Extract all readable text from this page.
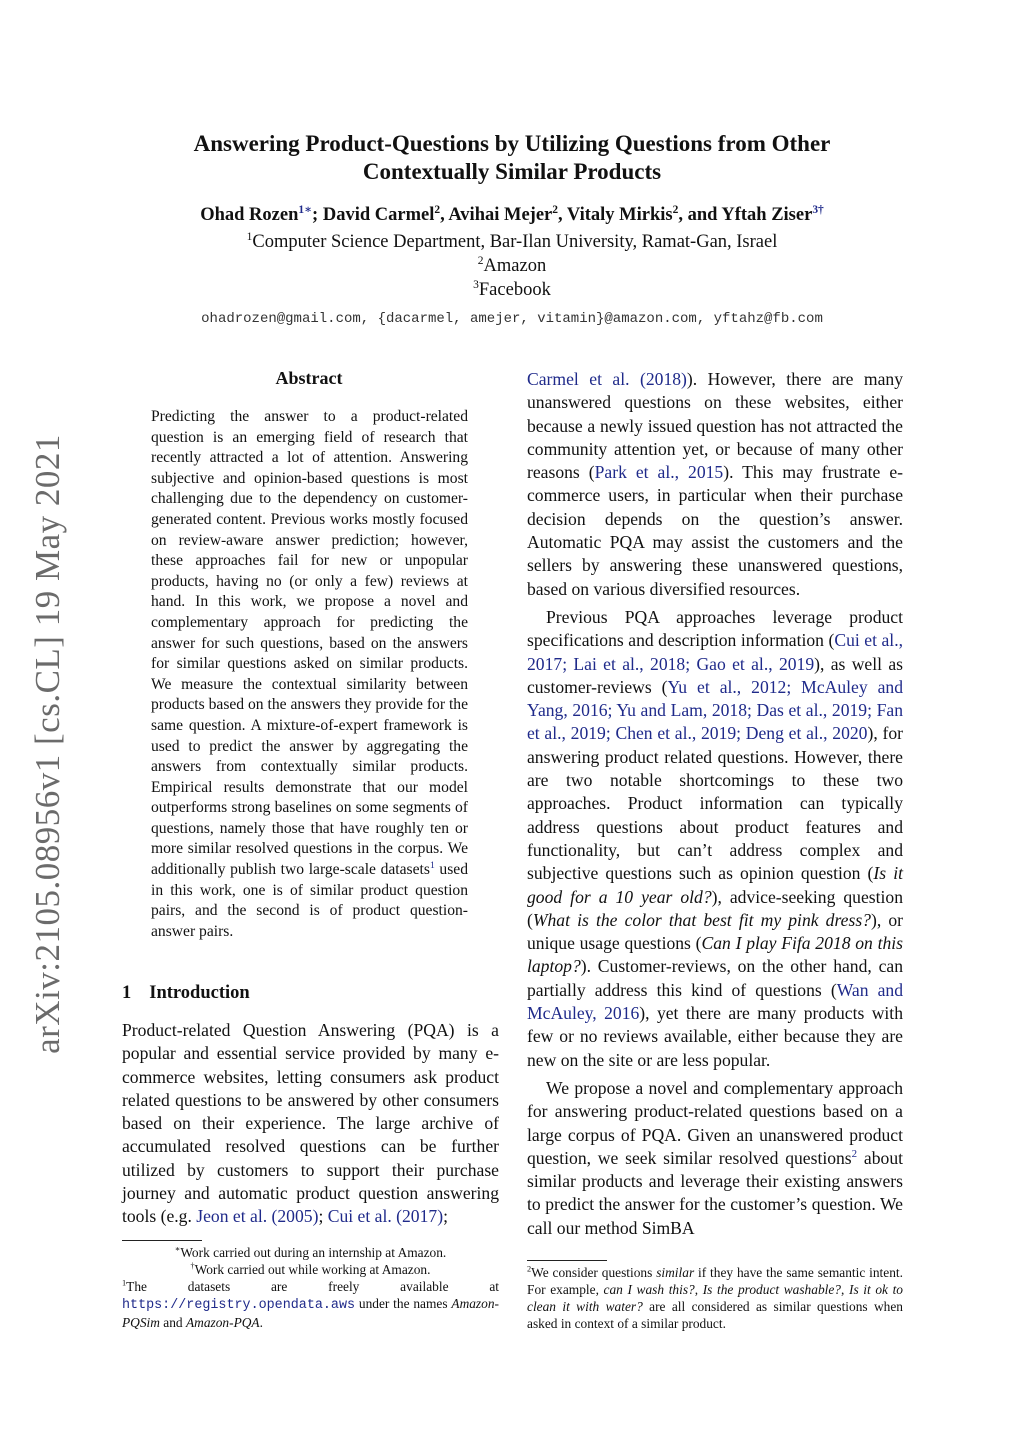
arXiv:2105.08956v1 [cs.CL] 19 May 2021
Answering Product-Questions by Utilizing Questions from Other
Contextually Similar Products
Ohad Rozen$^{1∗}$; David Carmel$^2$, Avihai Mejer$^2$, Vitaly Mirkis$^2$, and Yftah Ziser$^{3\dagger}$
$^1$Computer Science Department, Bar-Ilan University, Ramat-Gan, Israel
$^2$Amazon
$^3$Facebook
ohadrozen@gmail.com, {dacarmel, amejer, vitamin}@amazon.com, yftahz@fb.com
Abstract
Predicting the answer to a product-related question is an emerging field of research that recently attracted a lot of attention. Answering subjective and opinion-based questions is most challenging due to the dependency on customer-generated content. Previous works mostly focused on review-aware answer prediction; however, these approaches fail for new or unpopular products, having no (or only a few) reviews at hand. In this work, we propose a novel and complementary approach for predicting the answer for such questions, based on the answers for similar questions asked on similar products. We measure the contextual similarity between products based on the answers they provide for the same question. A mixture-of-expert framework is used to predict the answer by aggregating the answers from contextually similar products. Empirical results demonstrate that our model outperforms strong baselines on some segments of questions, namely those that have roughly ten or more similar resolved questions in the corpus. We additionally publish two large-scale datasets$^1$ used in this work, one is of similar product question pairs, and the second is of product question-answer pairs.
1 Introduction
Product-related Question Answering (PQA) is a popular and essential service provided by many e-commerce websites, letting consumers ask product related questions to be answered by other consumers based on their experience. The large archive of accumulated resolved questions can be further utilized by customers to support their purchase journey and automatic product question answering tools (e.g. Jeon et al. (2005); Cui et al. (2017);

Carmel et al. (2018)). However, there are many unanswered questions on these websites, either because a newly issued question has not attracted the community attention yet, or because of many other reasons (Park et al., 2015). This may frustrate e-commerce users, in particular when their purchase decision depends on the question’s answer. Automatic PQA may assist the customers and the sellers by answering these unanswered questions, based on various diversified resources.

Previous PQA approaches leverage product specifications and description information (Cui et al., 2017; Lai et al., 2018; Gao et al., 2019), as well as customer-reviews (Yu et al., 2012; McAuley and Yang, 2016; Yu and Lam, 2018; Das et al., 2019; Fan et al., 2019; Chen et al., 2019; Deng et al., 2020), for answering product related questions. However, there are two notable shortcomings to these two approaches. Product information can typically address questions about product features and functionality, but can’t address complex and subjective questions such as opinion question (Is it good for a 10 year old?), advice-seeking question (What is the color that best fit my pink dress?), or unique usage questions (Can I play Fifa 2018 on this laptop?). Customer-reviews, on the other hand, can partially address this kind of questions (Wan and McAuley, 2016), yet there are many products with few or no reviews available, either because they are new on the site or are less popular.

We propose a novel and complementary approach for answering product-related questions based on a large corpus of PQA. Given an unanswered product question, we seek similar resolved questions$^2$ about similar products and leverage their existing answers to predict the answer for the customer’s question. We call our method SimBA

∗Work carried out during an internship at Amazon.
†Work carried out while working at Amazon.
$^1$The datasets are freely available at https://registry.opendata.aws under the names Amazon-PQSim and Amazon-PQA.
$^2$We consider questions similar if they have the same semantic intent. For example, can I wash this?, Is the product washable?, Is it ok to clean it with water? are all considered as similar questions when asked in context of a similar product.
